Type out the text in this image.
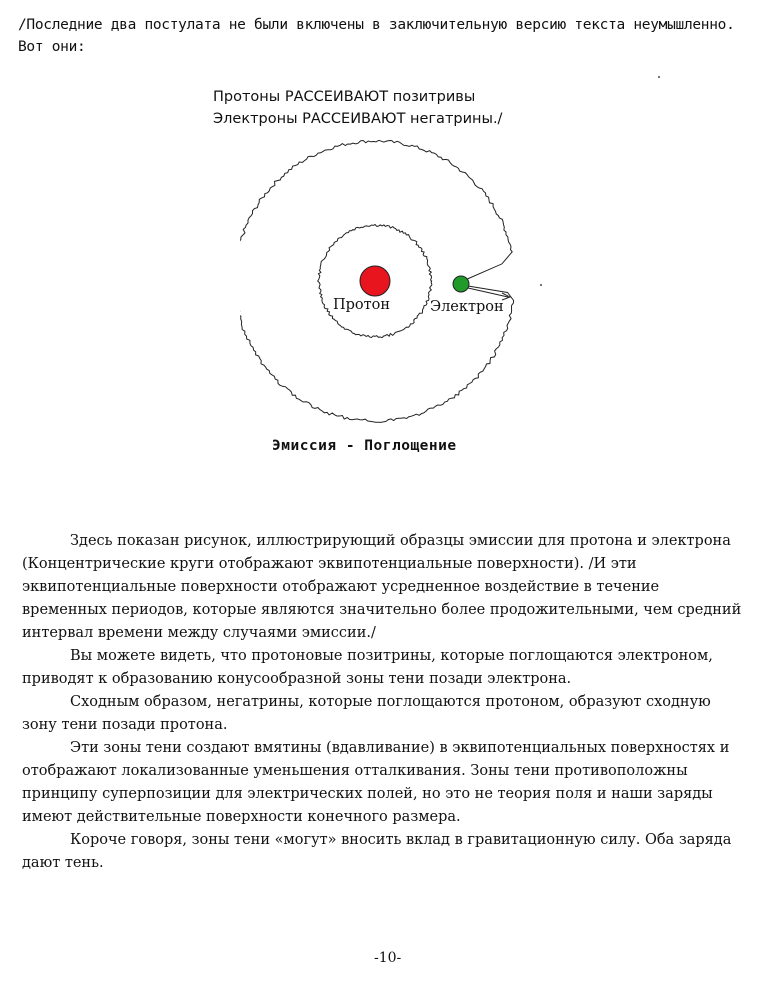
/Последние два постулата не были включены в заключительную версию текста неумышленно. Вот они:
Протоны РАССЕИВАЮТ позитривы
Электроны РАССЕИВАЮТ негатрины./
Протон	Электрон
Эмиссия - Поглощение

Здесь показан рисунок, иллюстрирующий образцы эмиссии для протона и электрона (Концентрические круги отображают эквипотенциальные поверхности). /И эти эквипотенциальные поверхности отображают усредненное воздействие в течение временных периодов, которые являются значительно более продожительными, чем средний интервал времени между случаями эмиссии./

Вы можете видеть, что протоновые позитрины, которые поглощаются электроном, приводят к образованию конусообразной зоны тени позади электрона.

Сходным образом, негатрины, которые поглощаются протоном, образуют сходную зону тени позади протона.

Эти зоны тени создают вмятины (вдавливание) в эквипотенциальных поверхностях и отображают локализованные уменьшения отталкивания. Зоны тени противоположны принципу суперпозиции для электрических полей, но это не теория поля и наши заряды имеют действительные поверхности конечного размера.

Короче говоря, зоны тени «могут» вносить вклад в гравитационную силу. Оба заряда дают тень.

-10-
